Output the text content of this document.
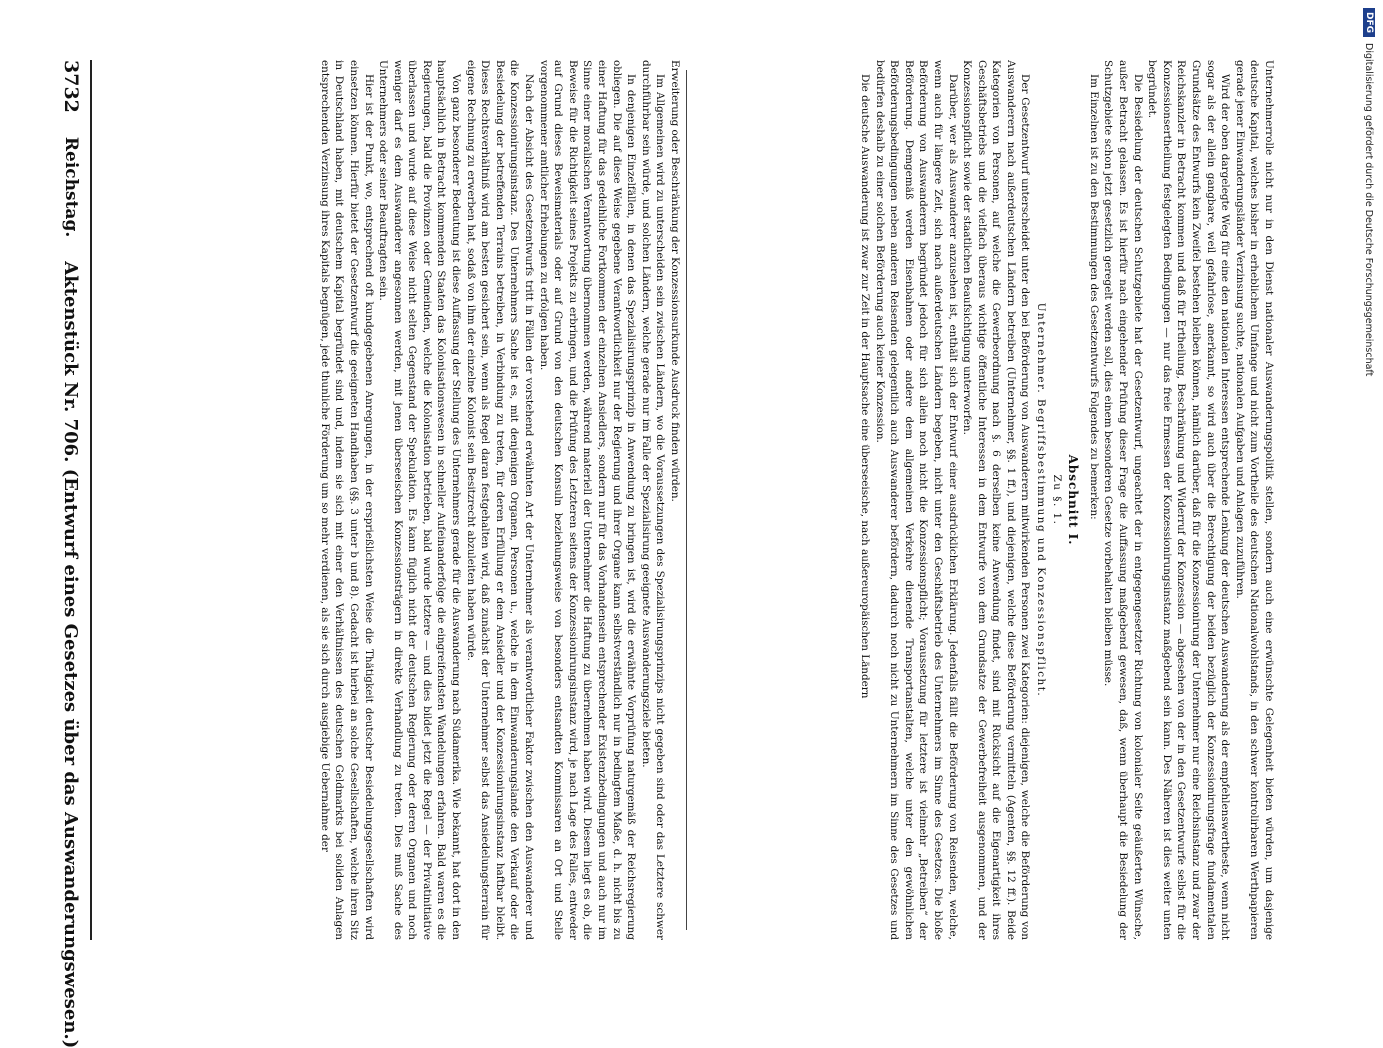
3732
Reichstag.
Aktenstück Nr. 706. (Entwurf eines Gesetzes über das Auswanderungswesen.)	Erweiterung oder Beschränkung der Konzessionsurkunde Ausdruck finden würden.

Im Allgemeinen wird zu unterscheiden sein zwischen Ländern, wo die Voraussetzungen des Spezialisirungsprinzips nicht gegeben sind oder das Letztere schwer durchführbar sein würde, und solchen Ländern, welche gerade nur im Falle der Spezialisirung geeignete Auswanderungsziele bieten.

In denjenigen Einzelfällen, in denen das Spezialisirungsprinzip in Anwendung zu bringen ist, wird die erwähnte Vorprüfung naturgemäß der Reichsregierung obliegen. Die auf diese Weise gegebene Verantwortlichkeit nur der Regierung und ihrer Organe kann selbstverständlich nur in bedingtem Maße, d. h. nicht bis zu einer Haftung für das gedeihliche Fortkommen der einzelnen Ansiedlers, sondern nur für das Vorhandensein entsprechender Existenzbedingungen und auch nur im Sinne einer moralischen Verantwortung übernommen werden, während materiell der Unternehmer die Haftung zu übernehmen haben wird. Diesem liegt es ob, die Beweise für die Richtigkeit seines Projekts zu erbringen, und die Prüfung des Letzteren seitens der Konzessionirungsinstanz wird, je nach Lage des Falles, entweder auf Grund dieses Beweismaterials oder auf Grund von den deutschen Konsuln beziehungsweise von besonders entsandten Kommissaren an Ort und Stelle vorgenommener amtlicher Erhebungen zu erfolgen haben.

Nach der Absicht des Gesetzentwurfs tritt in Fällen der vorstehend erwähnten Art der Unternehmer als verantwortlicher Faktor zwischen den Auswanderer und die Konzessionirungsinstanz. Des Unternehmers Sache ist es, mit denjenigen Organen, Personen u., welche in dem Einwanderungslande den Verkauf oder die Besiedelung der betreffenden Terrains betreiben, in Verbindung zu treten, für deren Erfüllung er dem Ansiedler und der Konzessionirungsinstanz haftbar bleibt. Dieses Rechtsverhältniß wird am besten gesichert sein, wenn als Regel daran festgehalten wird, daß zunächst der Unternehmer selbst das Ansiedelungsterrain für eigene Rechnung zu erwerben hat, sodaß von ihm der einzelne Kolonist sein Besitzrecht abzuleiten haben würde.

Von ganz besonderer Bedeutung ist diese Auffassung der Stellung des Unternehmers gerade für die Auswanderung nach Südamerika. Wie bekannt, hat dort in den hauptsächlich in Betracht kommenden Staaten das Kolonisationswesen in schneller Aufeinanderfolge die eingreifendsten Wandelungen erfahren. Bald waren es die Regierungen, bald die Provinzen oder Gemeinden, welche die Kolonisation betrieben, bald wurde letztere — und dies bildet jetzt die Regel — der Privatinitiative überlassen und wurde auf diese Weise nicht selten Gegenstand der Spekulation. Es kann füglich nicht der deutschen Regierung oder deren Organen und noch weniger darf es dem Auswanderer angesonnen werden, mit jenen überseeischen Konzessionsträgern in direkte Verhandlung zu treten. Dies muß Sache des Unternehmers oder seiner Beauftragten sein.

Hier ist der Punkt, wo, entsprechend oft kundgegebenen Anregungen, in der ersprießlichsten Weise die Thätigkeit deutscher Besiedelungsgesellschaften wird einsetzen können. Hierfür bietet der Gesetzentwurf die geeigneten Handhaben (§§. 3 unter b und 8). Gedacht ist hierbei an solche Gesellschaften, welche ihren Sitz in Deutschland haben, mit deutschem Kapital begründet sind und, indem sie sich mit einer den Verhältnissen des deutschen Geldmarkts bei soliden Anlagen entsprechenden Verzinsung ihres Kapitals begnügen, jede thunliche Förderung um so mehr verdienen, als sie sich durch ausgiebige Uebernahme der	Unternehmerrolle nicht nur in den Dienst nationaler Auswanderungspolitik stellen, sondern auch eine erwünschte Gelegenheit bieten würden, um dasjenige deutsche Kapital, welches bisher in erheblichem Umfange und nicht zum Vortheile des deutschen Nationalwohlstands, in den schwer kontrolirbaren Werthpapieren gerade jener Einwanderungsländer Verzinsung suchte, nationalen Aufgaben und Anlagen zuzuführen.

Wird der oben dargelegte Weg für eine den nationalen Interessen entsprechende Lenkung der deutschen Auswanderung als der empfehlenswertheste, wenn nicht sogar als der allein gangbare, weil gefahrlose, anerkannt, so wird auch über die Berechtigung der beiden bezüglich der Konzessionirungsfrage fundamentalen Grundsätze des Entwurfs kein Zweifel bestehen bleiben können, nämlich darüber, daß für die Konzessionirung der Unternehmer nur eine Reichsinstanz und zwar der Reichskanzler in Betracht kommen und daß für Ertheilung, Beschränkung und Widerruf der Konzession — abgesehen von der in den Gesetzentwurfe selbst für die Konzessionsertheilung festgelegten Bedingungen — nur das freie Ermessen der Konzessionirungsinstanz maßgebend sein kann. Des Näheren ist dies weiter unten begründet.

Die Besiedelung der deutschen Schutzgebiete hat der Gesetzentwurf, ungeachtet der in entgegengesetzter Richtung von kolonialer Seite geäußerten Wünsche, außer Betracht gelassen. Es ist hierfür nach eingehender Prüfung dieser Frage die Auffassung maßgebend gewesen, daß, wenn überhaupt die Besiedelung der Schutzgebiete schon jetzt gesetzlich geregelt werden soll, dies einem besonderen Gesetze vorbehalten bleiben müsse.

Im Einzelnen ist zu den Bestimmungen des Gesetzentwurfs Folgendes zu bemerken:

Abschnitt I.

Zu §. 1.

Unternehmer. Begriffsbestimmung und Konzessionspflicht.

Der Gesetzentwurf unterscheidet unter den bei Beförderung von Auswanderern mitwirkenden Personen zwei Kategorien: diejenigen, welche die Beförderung von Auswanderern nach außerdeutschen Ländern betreiben (Unternehmer, §§. 1 ff.), und diejenigen, welche diese Beförderung vermitteln (Agenten, §§. 12 ff.). Beide Kategorien von Personen, auf welche die Gewerbeordnung nach §. 6 derselben keine Anwendung findet, sind mit Rücksicht auf die Eigenartigkeit ihres Geschäftsbetriebs und die vielfach überaus wichtige öffentliche Interessen in dem Entwurfe von dem Grundsatze der Gewerbefreiheit ausgenommen, und der Konzessionspflicht sowie der staatlichen Beaufsichtigung unterworfen.

Darüber, wer als Auswanderer anzusehen ist, enthält sich der Entwurf einer ausdrücklichen Erklärung. Jedenfalls fällt die Beförderung von Reisenden, welche, wenn auch für längere Zeit, sich nach außerdeutschen Ländern begeben, nicht unter den Geschäftsbetrieb des Unternehmers im Sinne des Gesetzes. Die bloße Beförderung von Auswanderern begründet jedoch für sich allein noch nicht die Konzessionspflicht; Voraussetzung für letztere ist vielmehr „Betreiben“ der Beförderung. Demgemäß werden Eisenbahnen oder andere dem allgemeinen Verkehre dienende Transportanstalten, welche unter den gewöhnlichen Beförderungsbedingungen neben anderen Reisenden gelegentlich auch Auswanderer befördern, dadurch noch nicht zu Unternehmern im Sinne des Gesetzes und bedürfen deshalb zu einer solchen Beförderung auch keiner Konzession.

Die deutsche Auswanderung ist zwar zur Zeit in der Hauptsache eine überseeische, nach außereuropäischen Ländern

DFG
Digitalisierung gefördert durch die Deutsche Forschungsgemeinschaft
